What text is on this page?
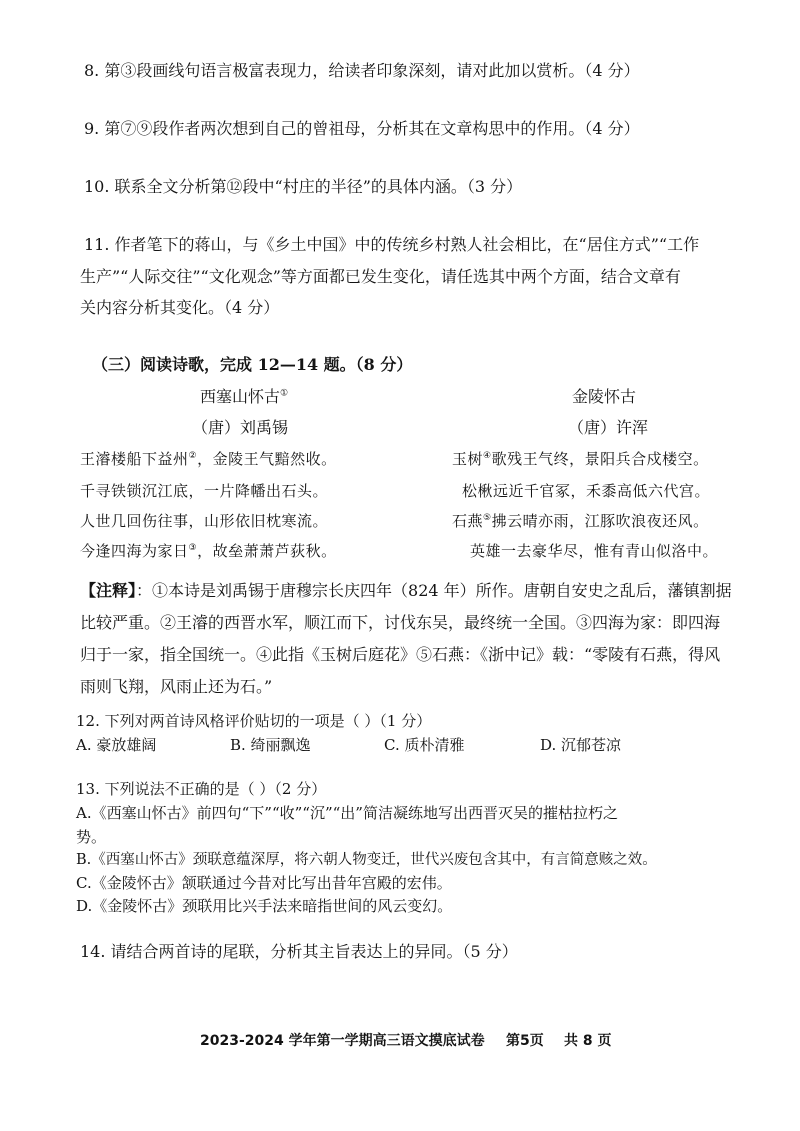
8. 第③段画线句语言极富表现力，给读者印象深刻，请对此加以赏析。（4 分）
9. 第⑦⑨段作者两次想到自己的曾祖母，分析其在文章构思中的作用。（4 分）
10. 联系全文分析第⑫段中“村庄的半径”的具体内涵。（3 分）
11. 作者笔下的蒋山，与《乡土中国》中的传统乡村熟人社会相比，在“居住方式”“工作
生产”“人际交往”“文化观念”等方面都已发生变化，请任选其中两个方面，结合文章有
关内容分析其变化。（4 分）
（三）阅读诗歌，完成 12—14 题。（8 分）
西塞山怀古①
（唐）刘禹锡
王濬楼船下益州②，金陵王气黯然收。
千寻铁锁沉江底，一片降幡出石头。
人世几回伤往事，山形依旧枕寒流。
今逢四海为家日③，故垒萧萧芦荻秋。
金陵怀古
（唐）许浑
玉树④歌残王气终，景阳兵合戍楼空。
松楸远近千官冢，禾黍高低六代宫。
石燕⑤拂云晴亦雨，江豚吹浪夜还风。
英雄一去豪华尽，惟有青山似洛中。
【注释】：①本诗是刘禹锡于唐穆宗长庆四年（824 年）所作。唐朝自安史之乱后，藩镇割据比较严重。②王濬的西晋水军，顺江而下，讨伐东吴，最终统一全国。③四海为家：即四海归于一家，指全国统一。④此指《玉树后庭花》⑤石燕：《浙中记》载：“零陵有石燕，得风雨则飞翔，风雨止还为石。”
12. 下列对两首诗风格评价贴切的一项是（ ）（1 分）
A. 豪放雄阔	B. 绮丽飘逸	C. 质朴清雅	D. 沉郁苍凉
13. 下列说法不正确的是（ ）（2 分）
A.《西塞山怀古》前四句“下”“收”“沉”“出”简洁凝练地写出西晋灭吴的摧枯拉朽之
势。
B.《西塞山怀古》颈联意蕴深厚，将六朝人物变迁，世代兴废包含其中，有言简意赅之效。
C.《金陵怀古》颔联通过今昔对比写出昔年宫殿的宏伟。
D.《金陵怀古》颈联用比兴手法来暗指世间的风云变幻。
14. 请结合两首诗的尾联，分析其主旨表达上的异同。（5 分）
2023-2024 学年第一学期高三语文摸底试卷 第5页 共 8 页
